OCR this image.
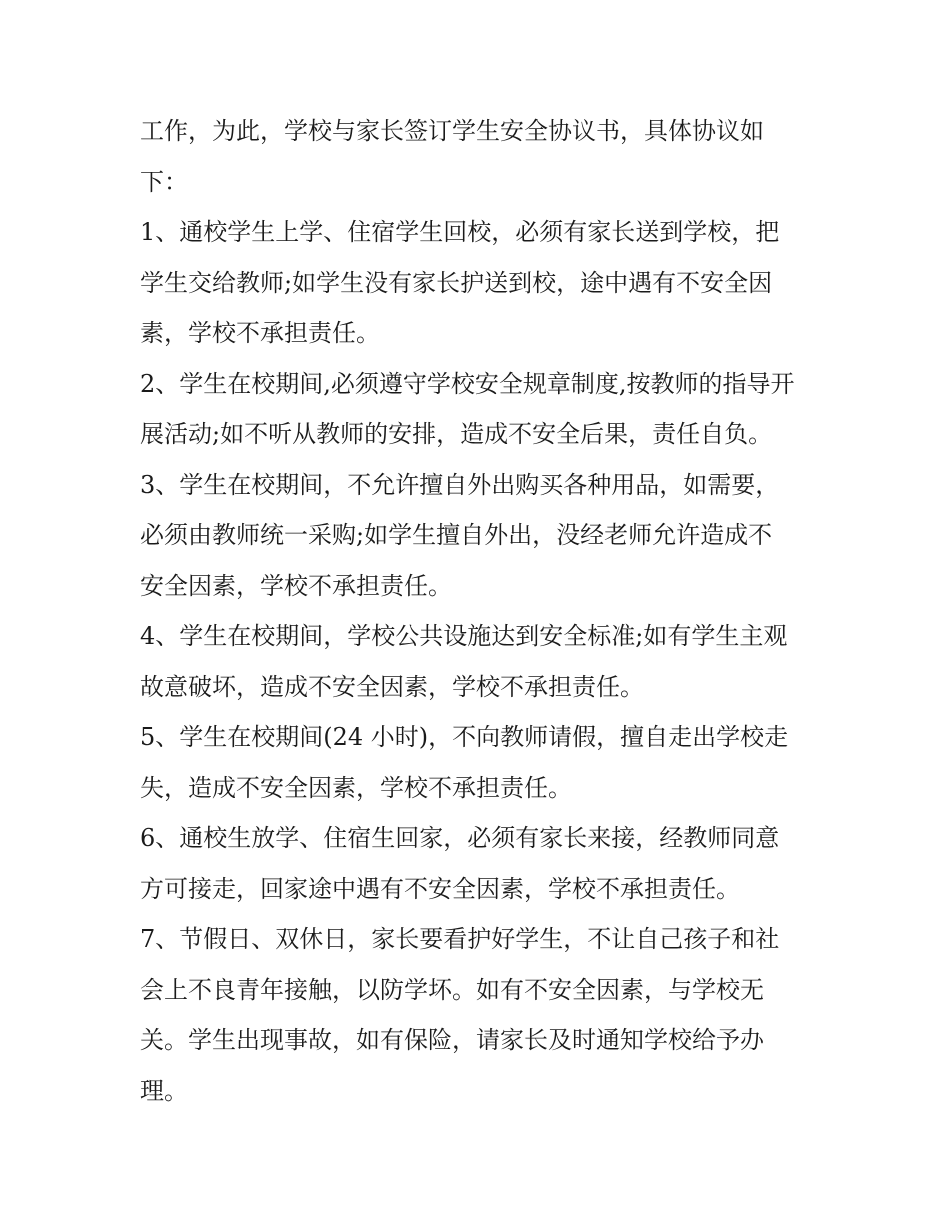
工作，为此，学校与家长签订学生安全协议书，具体协议如
下：
1、通校学生上学、住宿学生回校，必须有家长送到学校，把
学生交给教师;如学生没有家长护送到校，途中遇有不安全因
素，学校不承担责任。
2、学生在校期间,必须遵守学校安全规章制度,按教师的指导开
展活动;如不听从教师的安排，造成不安全后果，责任自负。
3、学生在校期间，不允许擅自外出购买各种用品，如需要，
必须由教师统一采购;如学生擅自外出，没经老师允许造成不
安全因素，学校不承担责任。
4、学生在校期间，学校公共设施达到安全标准;如有学生主观
故意破坏，造成不安全因素，学校不承担责任。
5、学生在校期间(24 小时)，不向教师请假，擅自走出学校走
失，造成不安全因素，学校不承担责任。
6、通校生放学、住宿生回家，必须有家长来接，经教师同意
方可接走，回家途中遇有不安全因素，学校不承担责任。
7、节假日、双休日，家长要看护好学生，不让自己孩子和社
会上不良青年接触，以防学坏。如有不安全因素，与学校无
关。学生出现事故，如有保险，请家长及时通知学校给予办
理。
